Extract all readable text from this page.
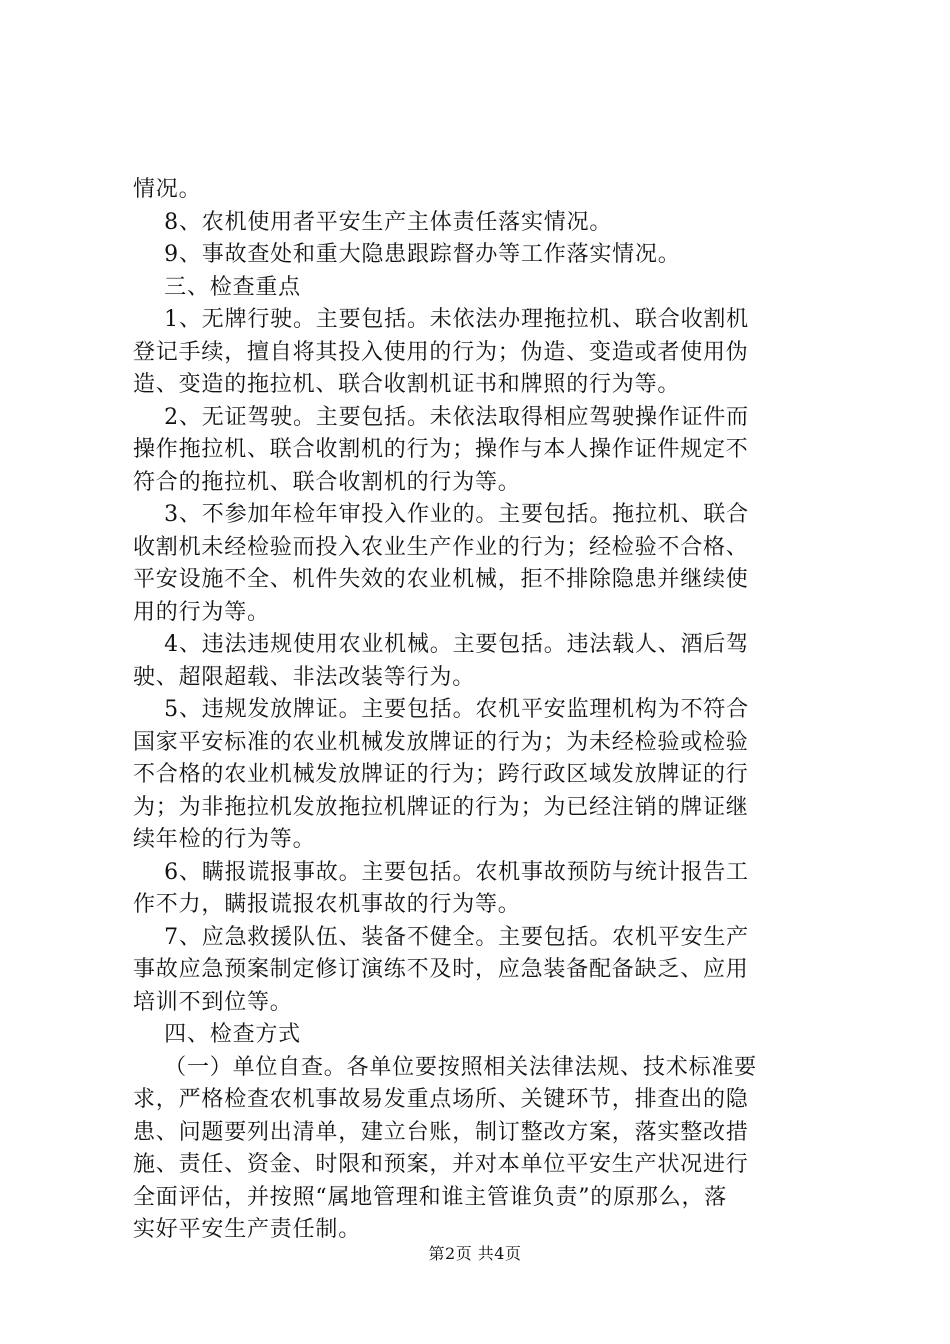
情况。
8、农机使用者平安生产主体责任落实情况。
9、事故查处和重大隐患跟踪督办等工作落实情况。
三、检查重点
1、无牌行驶。主要包括。未依法办理拖拉机、联合收割机
登记手续，擅自将其投入使用的行为；伪造、变造或者使用伪
造、变造的拖拉机、联合收割机证书和牌照的行为等。
2、无证驾驶。主要包括。未依法取得相应驾驶操作证件而
操作拖拉机、联合收割机的行为；操作与本人操作证件规定不
符合的拖拉机、联合收割机的行为等。
3、不参加年检年审投入作业的。主要包括。拖拉机、联合
收割机未经检验而投入农业生产作业的行为；经检验不合格、
平安设施不全、机件失效的农业机械，拒不排除隐患并继续使
用的行为等。
4、违法违规使用农业机械。主要包括。违法载人、酒后驾
驶、超限超载、非法改装等行为。
5、违规发放牌证。主要包括。农机平安监理机构为不符合
国家平安标准的农业机械发放牌证的行为；为未经检验或检验
不合格的农业机械发放牌证的行为；跨行政区域发放牌证的行
为；为非拖拉机发放拖拉机牌证的行为；为已经注销的牌证继
续年检的行为等。
6、瞒报谎报事故。主要包括。农机事故预防与统计报告工
作不力，瞒报谎报农机事故的行为等。
7、应急救援队伍、装备不健全。主要包括。农机平安生产
事故应急预案制定修订演练不及时，应急装备配备缺乏、应用
培训不到位等。
四、检查方式
（一）单位自查。各单位要按照相关法律法规、技术标准要
求，严格检查农机事故易发重点场所、关键环节，排查出的隐
患、问题要列出清单，建立台账，制订整改方案，落实整改措
施、责任、资金、时限和预案，并对本单位平安生产状况进行
全面评估，并按照“属地管理和谁主管谁负责”的原那么，落
实好平安生产责任制。
第2页 共4页
